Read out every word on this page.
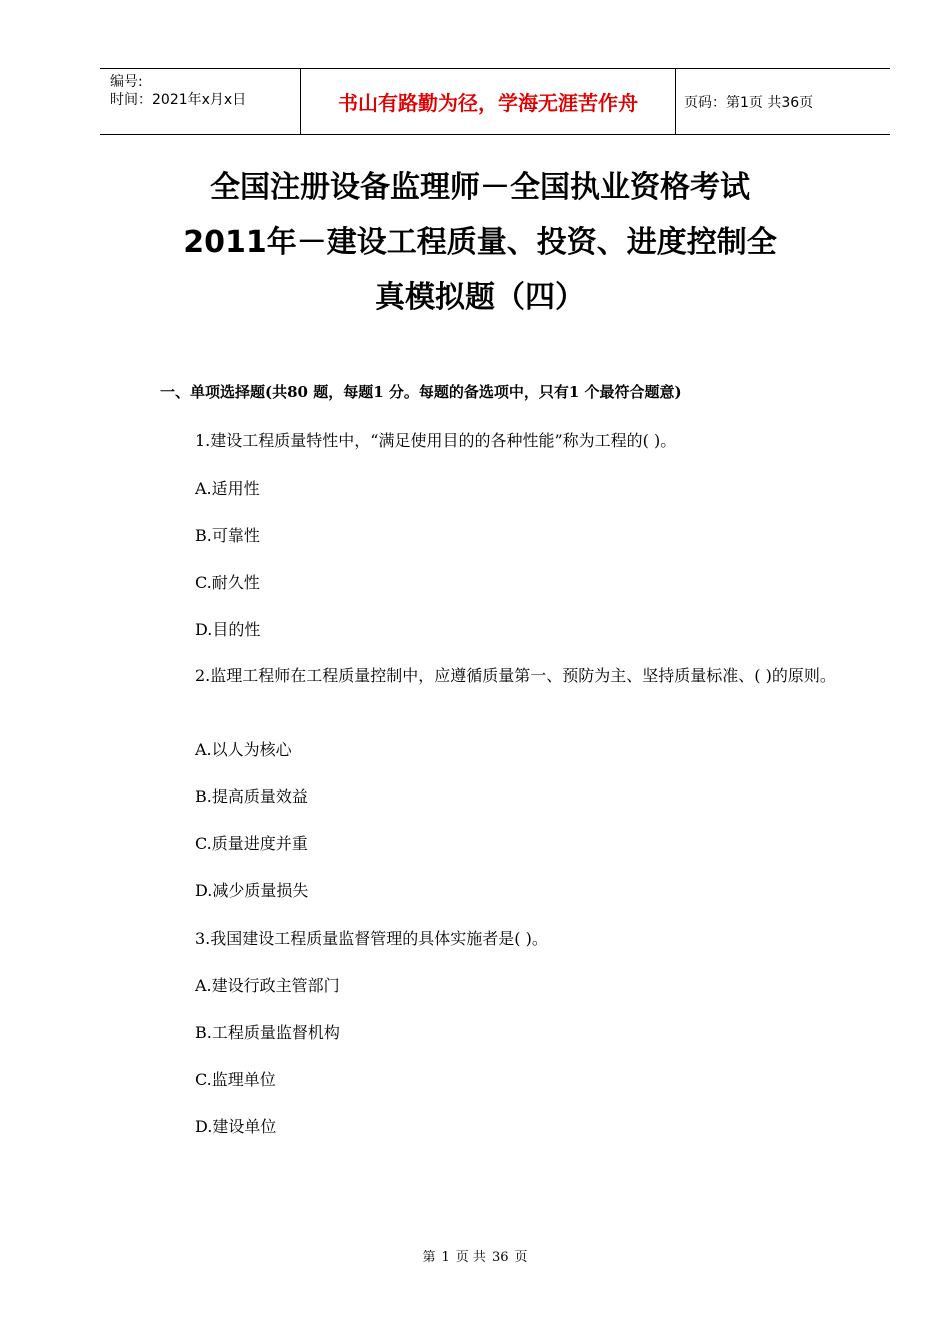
编号:
时间：2021年x月x日	书山有路勤为径，学海无涯苦作舟	页码：第1页 共36页
全国注册设备监理师－全国执业资格考试
2011年－建设工程质量、投资、进度控制全
真模拟题（四）
一、单项选择题(共80 题，每题1 分。每题的备选项中，只有1 个最符合题意)
1.建设工程质量特性中，“满足使用目的的各种性能”称为工程的( )。
A.适用性
B.可靠性
C.耐久性
D.目的性
2.监理工程师在工程质量控制中，应遵循质量第一、预防为主、坚持质量标准、( )的原则。
A.以人为核心
B.提高质量效益
C.质量进度并重
D.减少质量损失
3.我国建设工程质量监督管理的具体实施者是( )。
A.建设行政主管部门
B.工程质量监督机构
C.监理单位
D.建设单位
第 1 页 共 36 页
